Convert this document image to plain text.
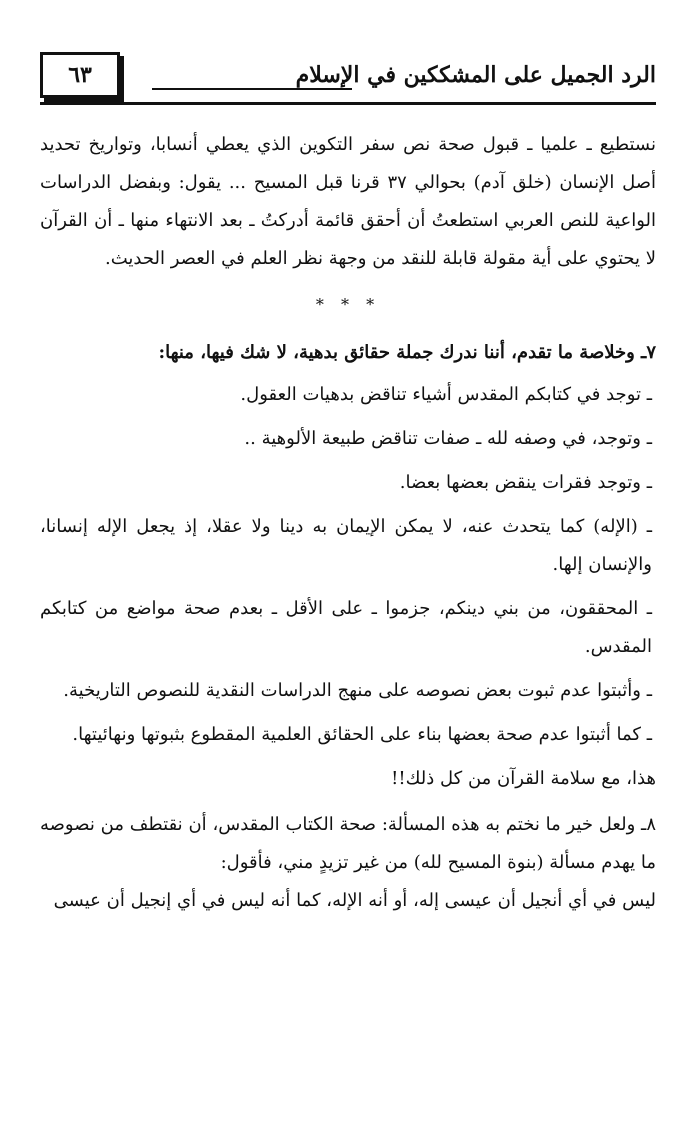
الرد الجميل على المشككين في الإسلام
٦٣

نستطيع ـ علميا ـ قبول صحة نص سفر التكوين الذي يعطي أنسابا، وتواريخ تحديد أصل الإنسان (خلق آدم) بحوالي ٣٧ قرنا قبل المسيح ... يقول: وبفضل الدراسات الواعية للنص العربي استطعتُ أن أحقق قائمة أدركتُ ـ بعد الانتهاء منها ـ أن القرآن لا يحتوي على أية مقولة قابلة للنقد من وجهة نظر العلم في العصر الحديث.

* * *

٧ـ وخلاصة ما تقدم، أننا ندرك جملة حقائق بدهية، لا شك فيها، منها:

ـ توجد في كتابكم المقدس أشياء تناقض بدهيات العقول.

ـ وتوجد، في وصفه لله ـ صفات تناقض طبيعة الألوهية ..

ـ وتوجد فقرات ينقض بعضها بعضا.

ـ (الإله) كما يتحدث عنه، لا يمكن الإيمان به دينا ولا عقلا، إذ يجعل الإله إنسانا، والإنسان إلها.

ـ المحققون، من بني دينكم، جزموا ـ على الأقل ـ بعدم صحة مواضع من كتابكم المقدس.

ـ وأثبتوا عدم ثبوت بعض نصوصه على منهج الدراسات النقدية للنصوص التاريخية.

ـ كما أثبتوا عدم صحة بعضها بناء على الحقائق العلمية المقطوع بثبوتها ونهائيتها.

هذا، مع سلامة القرآن من كل ذلك!!

٨ـ ولعل خير ما نختم به هذه المسألة: صحة الكتاب المقدس، أن نقتطف من نصوصه ما يهدم مسألة (بنوة المسيح لله) من غير تزيدٍ مني، فأقول:

ليس في أي أنجيل أن عيسى إله، أو أنه الإله، كما أنه ليس في أي إنجيل أن عيسى
